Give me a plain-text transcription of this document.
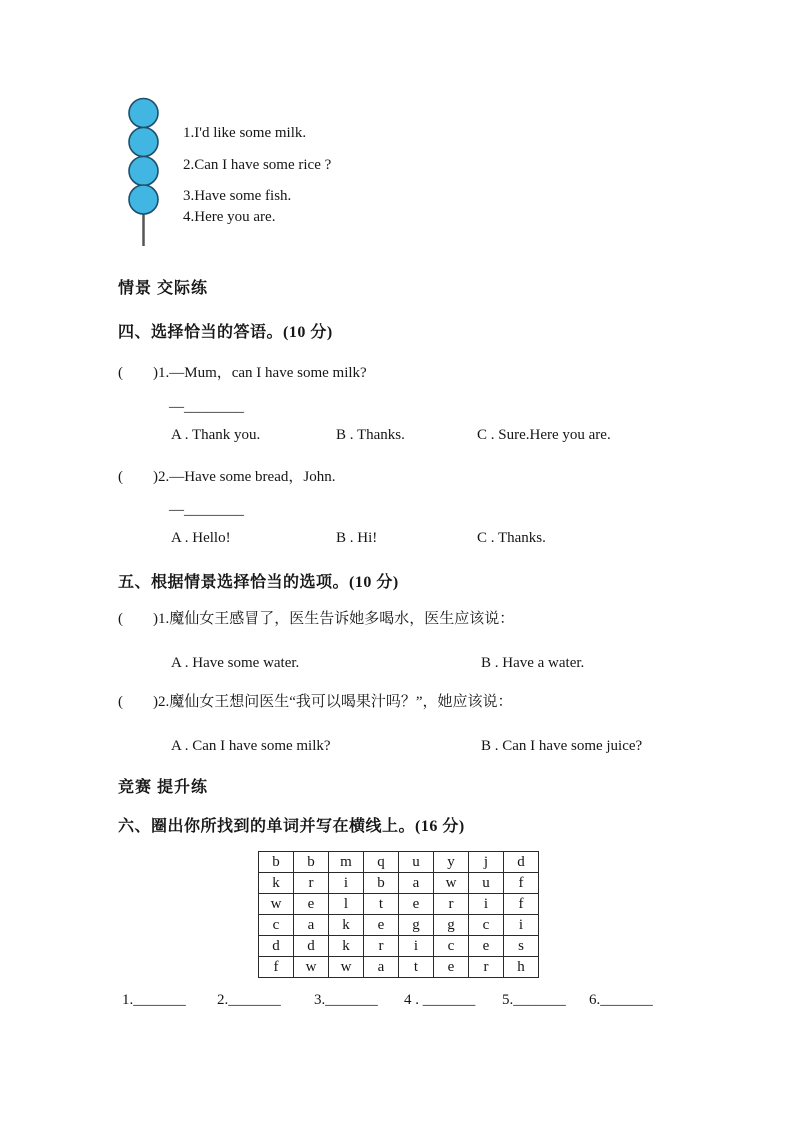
1.I'd like some milk.
2.Can I have some rice ?
3.Have some fish.
4.Here you are.
情景 交际练
四、选择恰当的答语。(10 分)
(        )1.—Mum，can I have some milk?
—________
A . Thank you.	B . Thanks.	C . Sure.Here you are.
(        )2.—Have some bread，John.
—________
A . Hello!	B . Hi!	C . Thanks.
五、根据情景选择恰当的选项。(10 分)
(        )1.魔仙女王感冒了，医生告诉她多喝水，医生应该说：
A . Have some water.	B . Have a water.
(        )2.魔仙女王想问医生“我可以喝果汁吗？”，她应该说：
A . Can I have some milk?	B . Can I have some juice?
竞赛 提升练
六、圈出你所找到的单词并写在横线上。(16 分)
b	b	m	q	u	y	j	d
k	r	i	b	a	w	u	f
w	e	l	t	e	r	i	f
c	a	k	e	g	g	c	i
d	d	k	r	i	c	e	s
f	w	w	a	t	e	r	h
1._______ 2._______ 3._______ 4 . _______ 5._______ 6._______
